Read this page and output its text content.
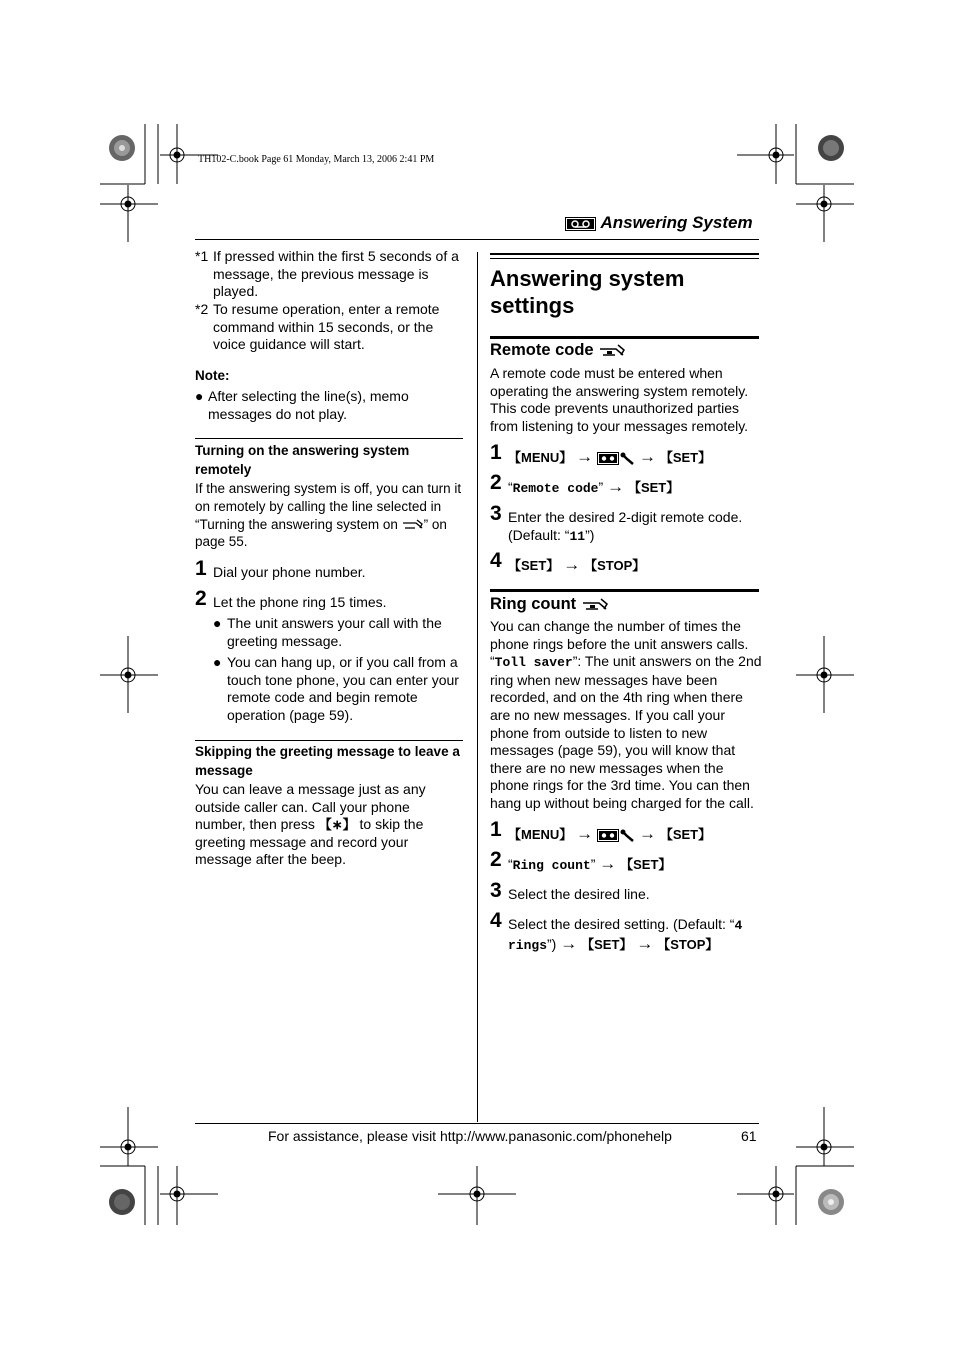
TH102-C.book Page 61 Monday, March 13, 2006 2:41 PM
Answering System
*1 If pressed within the first 5 seconds of a message, the previous message is played.
*2 To resume operation, enter a remote command within 15 seconds, or the voice guidance will start.
Note:
● After selecting the line(s), memo messages do not play.
Turning on the answering system remotely
If the answering system is off, you can turn it on remotely by calling the line selected in “Turning the answering system on ” on page 55.
1 Dial your phone number.
2 Let the phone ring 15 times.
● The unit answers your call with the greeting message.
● You can hang up, or if you call from a touch tone phone, you can enter your remote code and begin remote operation (page 59).
Skipping the greeting message to leave a message
You can leave a message just as any outside caller can. Call your phone number, then press 【∗】 to skip the greeting message and record your message after the beep.
Answering system settings
Remote code
A remote code must be entered when operating the answering system remotely. This code prevents unauthorized parties from listening to your messages remotely.
1 【MENU】 →	→ 【SET】
2 “Remote code” → 【SET】
3 Enter the desired 2-digit remote code.
(Default: “11”)
4 【SET】 → 【STOP】
Ring count
You can change the number of times the phone rings before the unit answers calls.
“Toll saver”: The unit answers on the 2nd ring when new messages have been recorded, and on the 4th ring when there are no new messages. If you call your phone from outside to listen to new messages (page 59), you will know that there are no new messages when the phone rings for the 3rd time. You can then hang up without being charged for the call.
1 【MENU】 →	→ 【SET】
2 “Ring count” → 【SET】
3 Select the desired line.
4 Select the desired setting. (Default: “4
rings”) → 【SET】 → 【STOP】
For assistance, please visit http://www.panasonic.com/phonehelp	61
